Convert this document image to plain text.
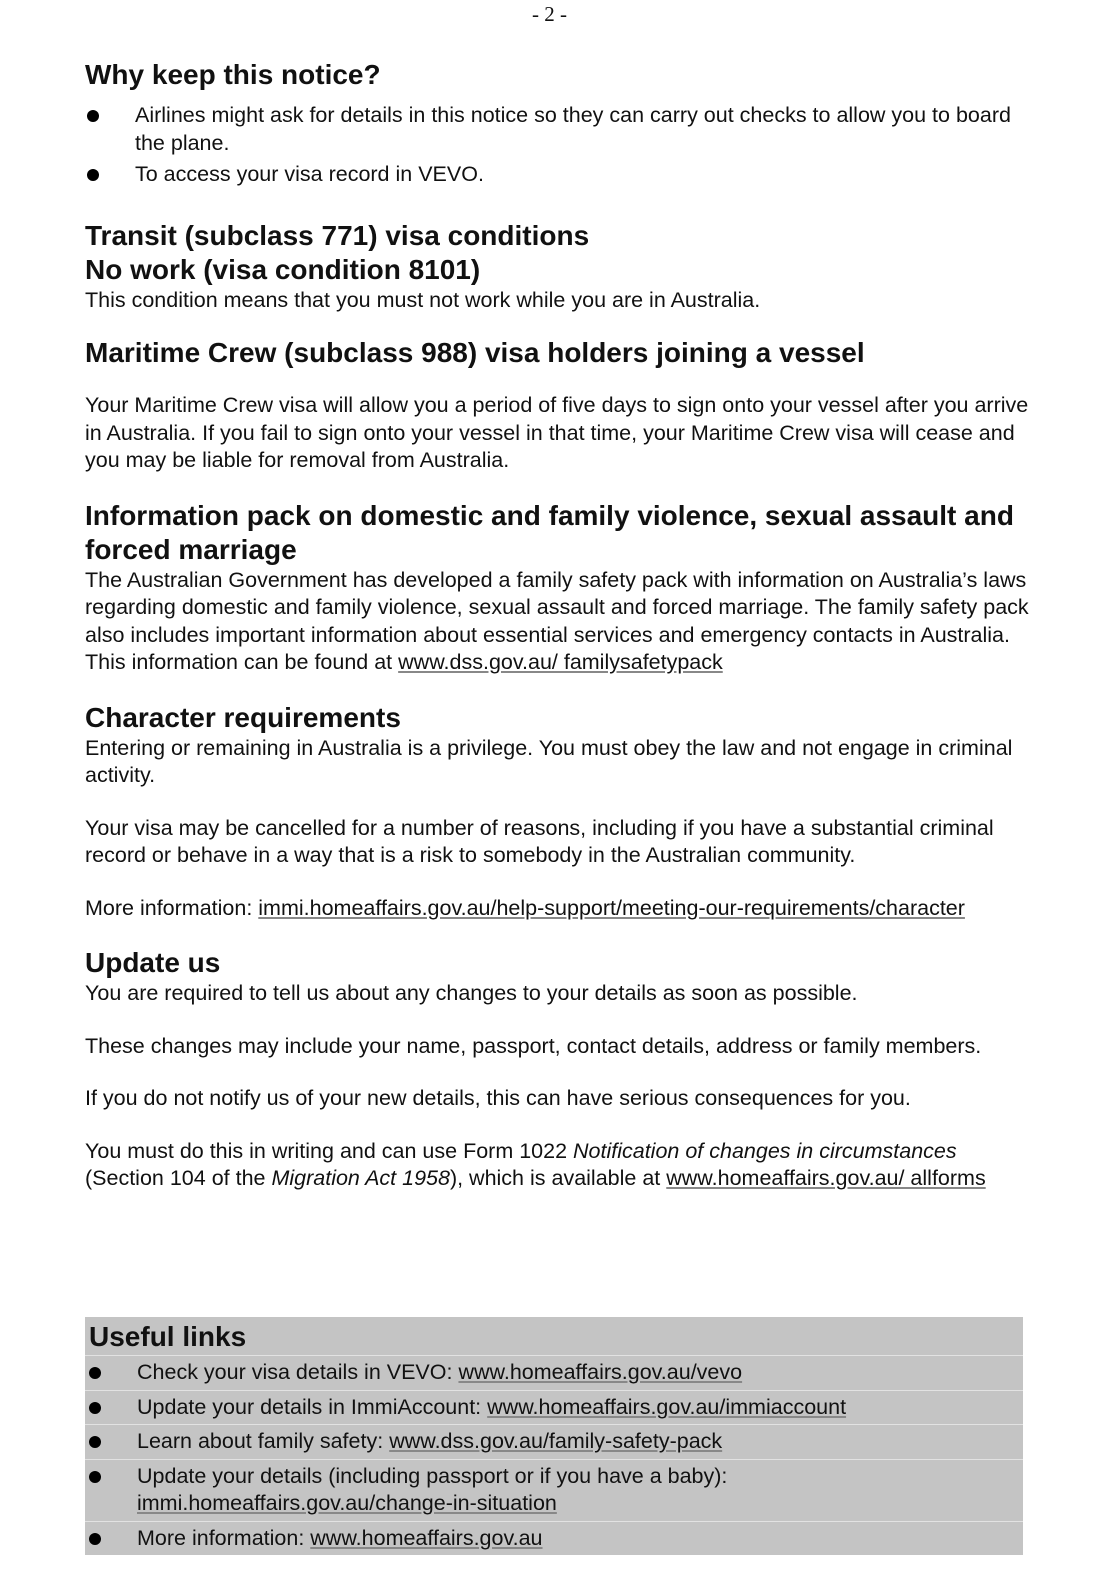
- 2 -
Why keep this notice?
Airlines might ask for details in this notice so they can carry out checks to allow you to board the plane.
To access your visa record in VEVO.
Transit (subclass 771) visa conditions
No work (visa condition 8101)

This condition means that you must not work while you are in Australia.

Maritime Crew (subclass 988) visa holders joining a vessel

Your Maritime Crew visa will allow you a period of five days to sign onto your vessel after you arrive in Australia. If you fail to sign onto your vessel in that time, your Maritime Crew visa will cease and you may be liable for removal from Australia.

Information pack on domestic and family violence, sexual assault and forced marriage

The Australian Government has developed a family safety pack with information on Australia’s laws regarding domestic and family violence, sexual assault and forced marriage. The family safety pack also includes important information about essential services and emergency contacts in Australia. This information can be found at www.dss.gov.au/ familysafetypack

Character requirements

Entering or remaining in Australia is a privilege. You must obey the law and not engage in criminal activity.

Your visa may be cancelled for a number of reasons, including if you have a substantial criminal record or behave in a way that is a risk to somebody in the Australian community.

More information: immi.homeaffairs.gov.au/help-support/meeting-our-requirements/character

Update us

You are required to tell us about any changes to your details as soon as possible.

These changes may include your name, passport, contact details, address or family members.

If you do not notify us of your new details, this can have serious consequences for you.

You must do this in writing and can use Form 1022 Notification of changes in circumstances (Section 104 of the Migration Act 1958), which is available at www.homeaffairs.gov.au/ allforms

Useful links
Check your visa details in VEVO: www.homeaffairs.gov.au/vevo
Update your details in ImmiAccount: www.homeaffairs.gov.au/immiaccount
Learn about family safety: www.dss.gov.au/family-safety-pack
Update your details (including passport or if you have a baby): immi.homeaffairs.gov.au/change-in-situation
More information: www.homeaffairs.gov.au
